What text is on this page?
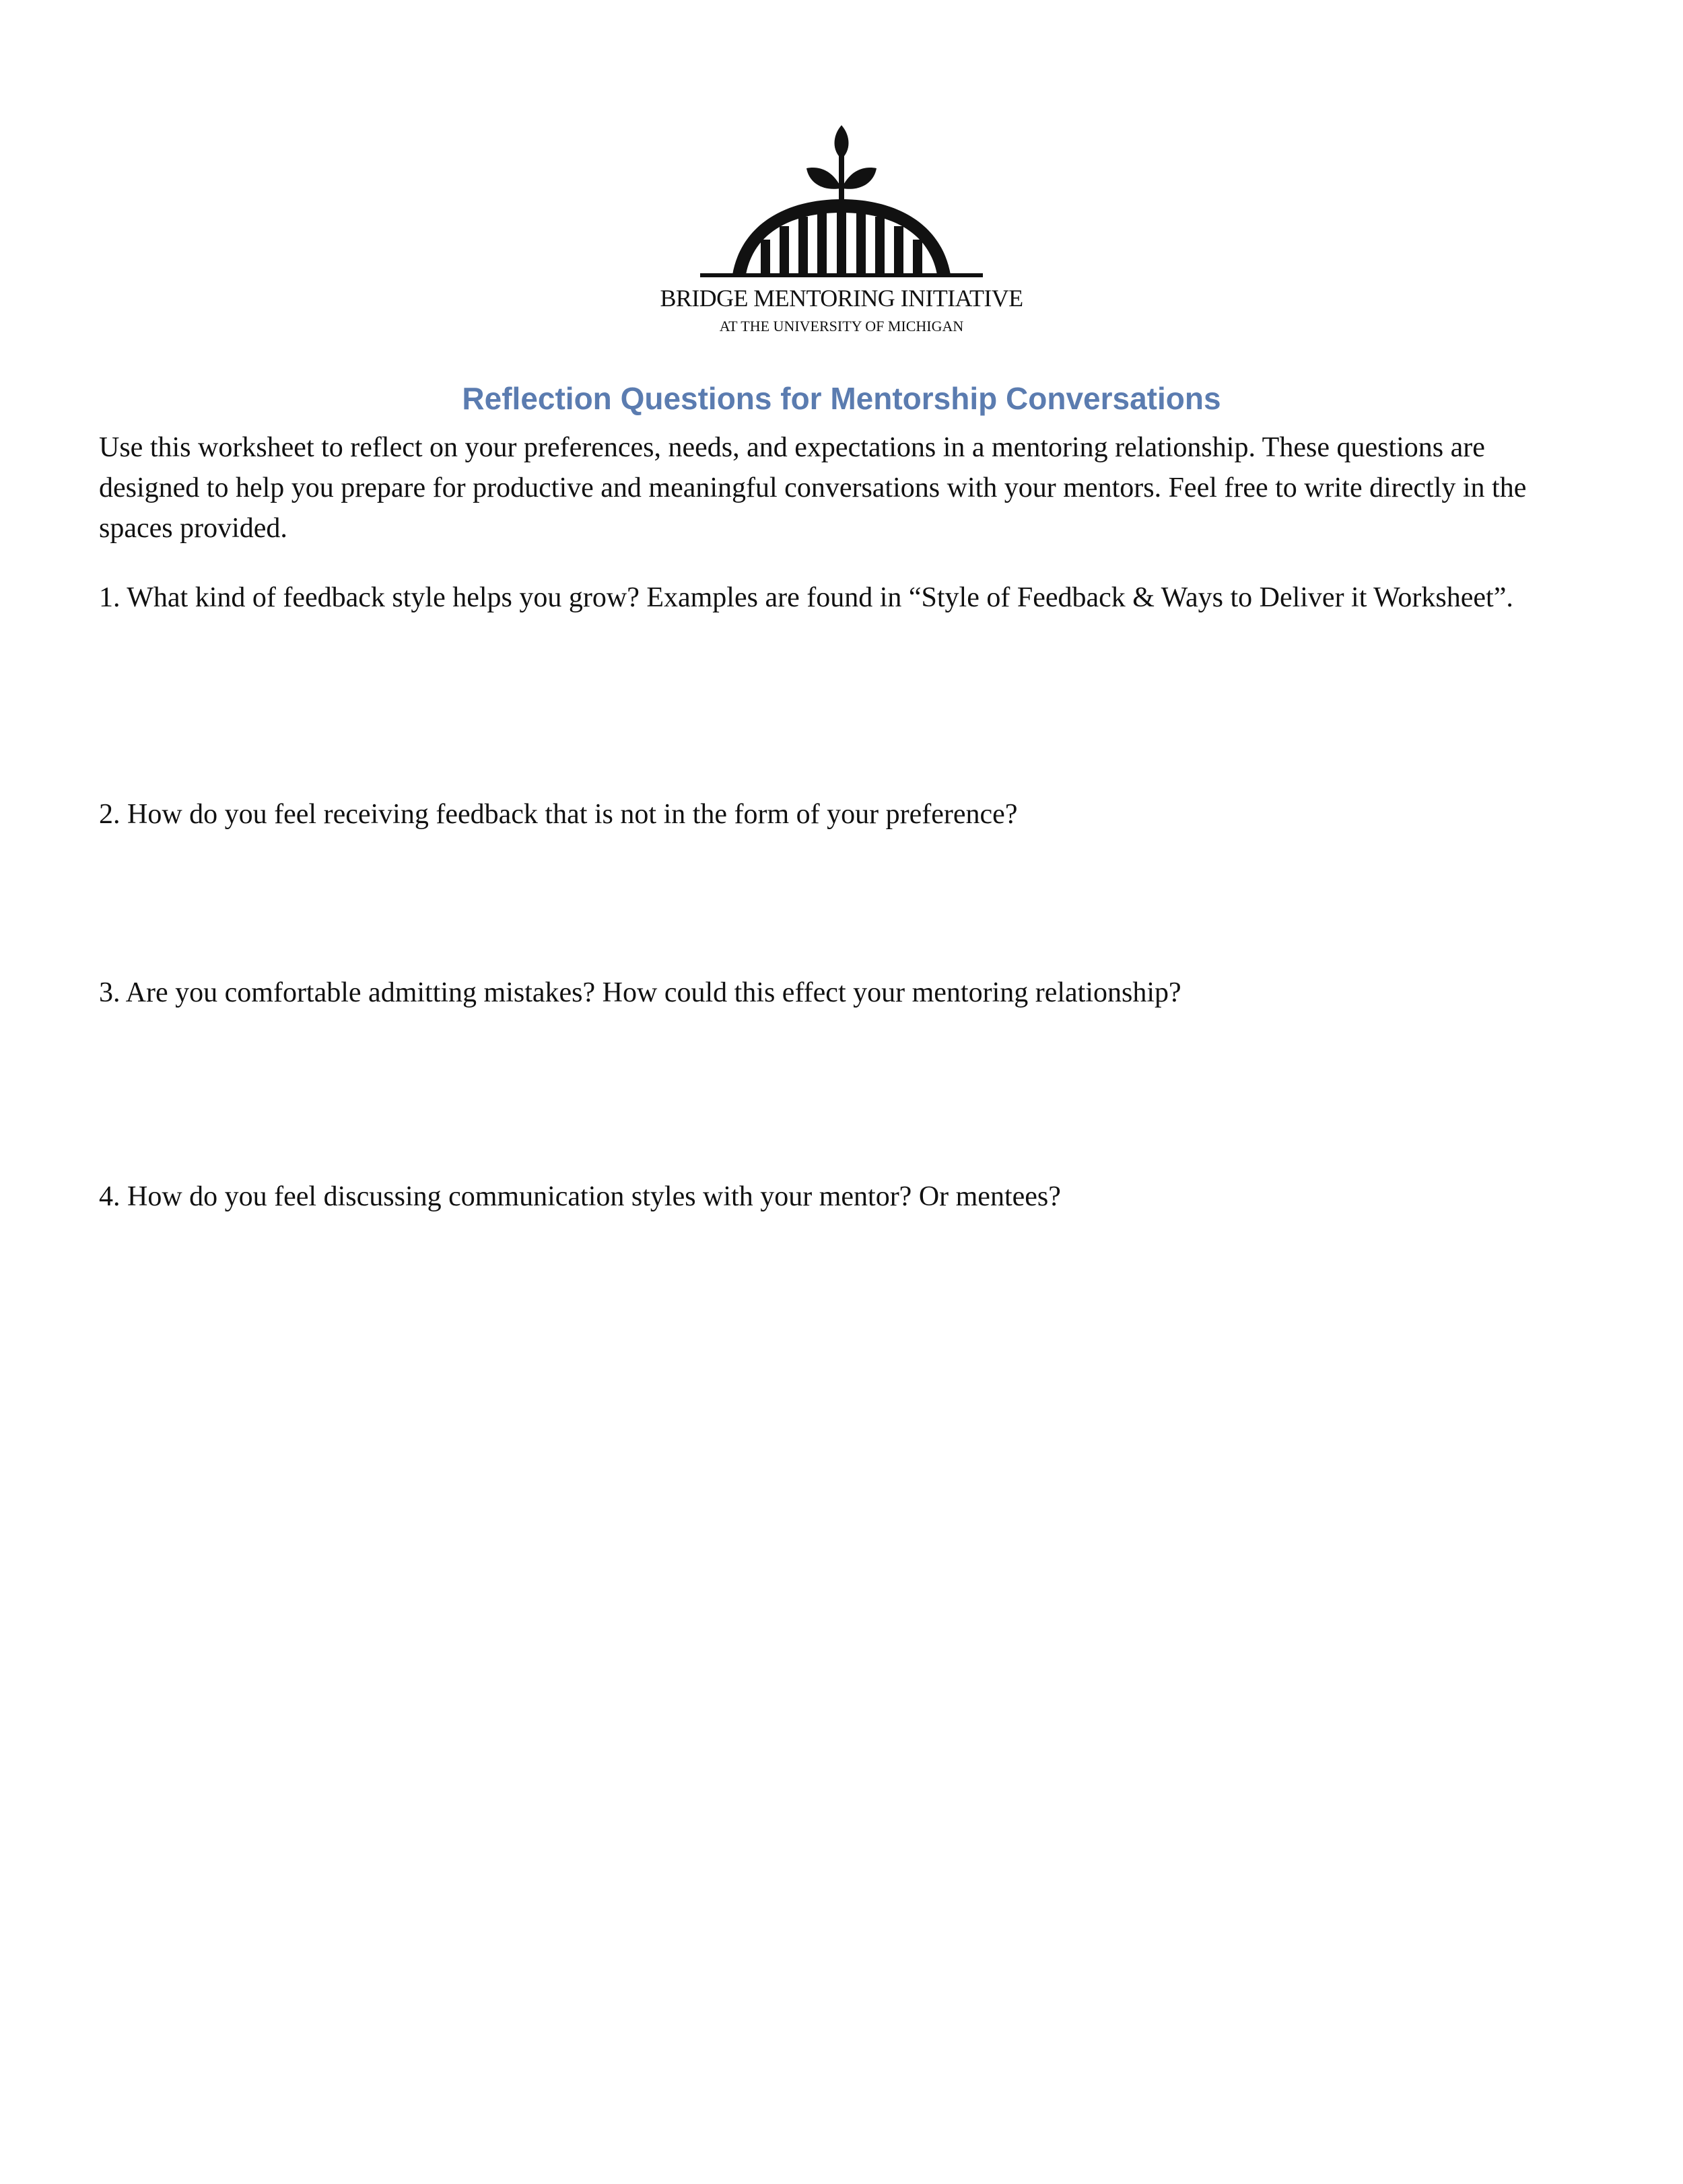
BRIDGE MENTORING INITIATIVE
AT THE UNIVERSITY OF MICHIGAN
Reflection Questions for Mentorship Conversations

Use this worksheet to reflect on your preferences, needs, and expectations in a mentoring relationship. These questions are designed to help you prepare for productive and meaningful conversations with your mentors. Feel free to write directly in the spaces provided.

1. What kind of feedback style helps you grow? Examples are found in “Style of Feedback & Ways to Deliver it Worksheet”.

2. How do you feel receiving feedback that is not in the form of your preference?

3. Are you comfortable admitting mistakes? How could this effect your mentoring relationship?

4. How do you feel discussing communication styles with your mentor? Or mentees?
